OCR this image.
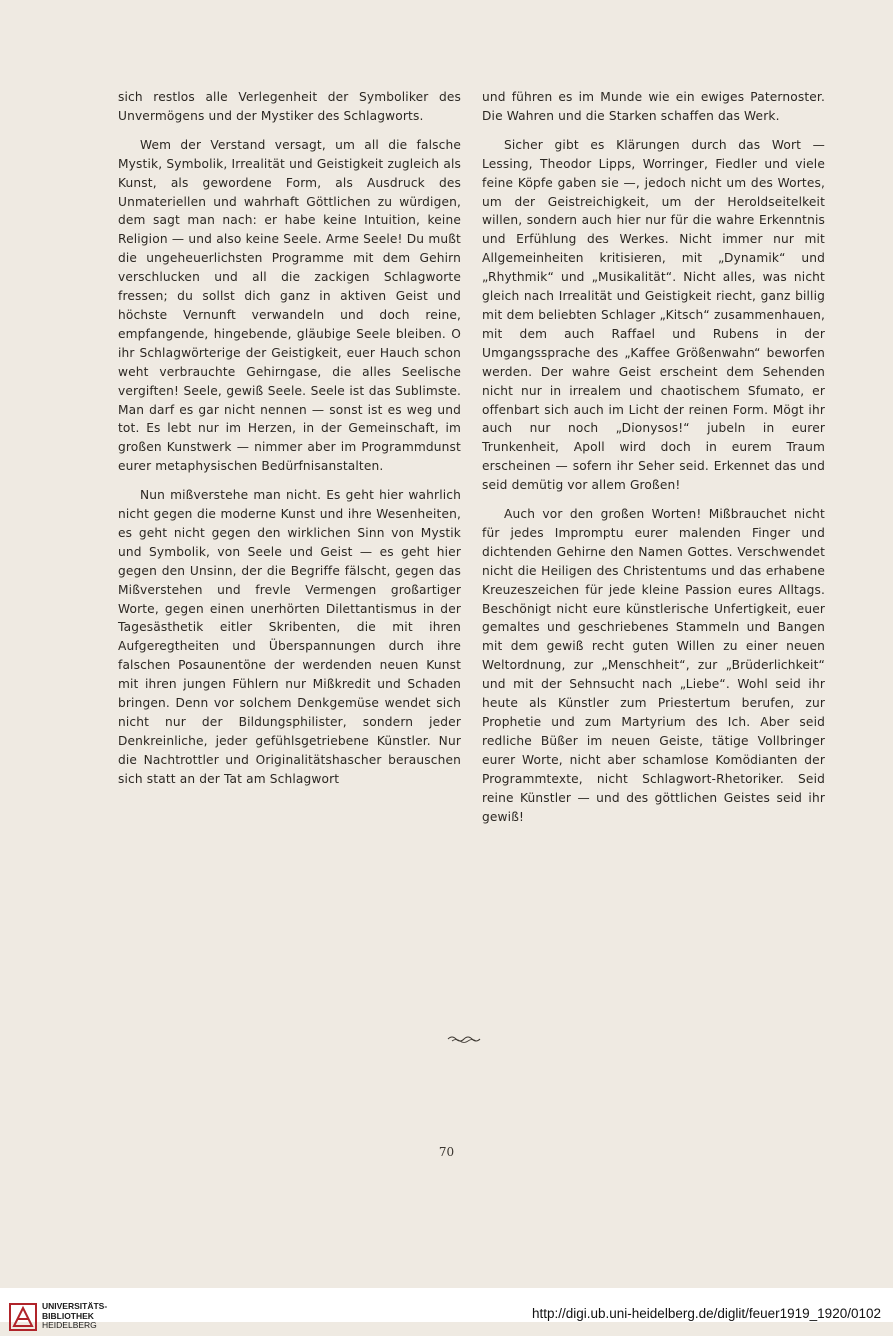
sich restlos alle Verlegenheit der Symboliker des Unvermögens und der Mystiker des Schlagworts.

Wem der Verstand versagt, um all die falsche Mystik, Symbolik, Irrealität und Geistigkeit zugleich als Kunst, als gewordene Form, als Ausdruck des Unmateriellen und wahrhaft Göttlichen zu würdigen, dem sagt man nach: er habe keine Intuition, keine Religion — und also keine Seele. Arme Seele! Du mußt die ungeheuerlichsten Programme mit dem Gehirn verschlucken und all die zackigen Schlagworte fressen; du sollst dich ganz in aktiven Geist und höchste Vernunft verwandeln und doch reine, empfangende, hingebende, gläubige Seele bleiben. O ihr Schlagwörterige der Geistigkeit, euer Hauch schon weht verbrauchte Gehirngase, die alles Seelische vergiften! Seele, gewiß Seele. Seele ist das Sublimste. Man darf es gar nicht nennen — sonst ist es weg und tot. Es lebt nur im Herzen, in der Gemeinschaft, im großen Kunstwerk — nimmer aber im Programmdunst eurer metaphysischen Bedürfnisanstalten.

Nun mißverstehe man nicht. Es geht hier wahrlich nicht gegen die moderne Kunst und ihre Wesenheiten, es geht nicht gegen den wirklichen Sinn von Mystik und Symbolik, von Seele und Geist — es geht hier gegen den Unsinn, der die Begriffe fälscht, gegen das Mißverstehen und frevle Vermengen großartiger Worte, gegen einen unerhörten Dilettantismus in der Tagesästhetik eitler Skribenten, die mit ihren Aufgeregtheiten und Überspannungen durch ihre falschen Posaunentöne der werdenden neuen Kunst mit ihren jungen Fühlern nur Mißkredit und Schaden bringen. Denn vor solchem Denkgemüse wendet sich nicht nur der Bildungsphilister, sondern jeder Denkreinliche, jeder gefühlsgetriebene Künstler. Nur die Nachtrottler und Originalitätshascher berauschen sich statt an der Tat am Schlagwort

und führen es im Munde wie ein ewiges Paternoster. Die Wahren und die Starken schaffen das Werk.

Sicher gibt es Klärungen durch das Wort — Lessing, Theodor Lipps, Worringer, Fiedler und viele feine Köpfe gaben sie —, jedoch nicht um des Wortes, um der Geistreichigkeit, um der Heroldseitelkeit willen, sondern auch hier nur für die wahre Erkenntnis und Erfühlung des Werkes. Nicht immer nur mit Allgemeinheiten kritisieren, mit „Dynamik“ und „Rhythmik“ und „Musikalität“. Nicht alles, was nicht gleich nach Irrealität und Geistigkeit riecht, ganz billig mit dem beliebten Schlager „Kitsch“ zusammenhauen, mit dem auch Raffael und Rubens in der Umgangssprache des „Kaffee Größenwahn“ beworfen werden. Der wahre Geist erscheint dem Sehenden nicht nur in irrealem und chaotischem Sfumato, er offenbart sich auch im Licht der reinen Form. Mögt ihr auch nur noch „Dionysos!“ jubeln in eurer Trunkenheit, Apoll wird doch in eurem Traum erscheinen — sofern ihr Seher seid. Erkennet das und seid demütig vor allem Großen!

Auch vor den großen Worten! Mißbrauchet nicht für jedes Impromptu eurer malenden Finger und dichtenden Gehirne den Namen Gottes. Verschwendet nicht die Heiligen des Christentums und das erhabene Kreuzeszeichen für jede kleine Passion eures Alltags. Beschönigt nicht eure künstlerische Unfertigkeit, euer gemaltes und geschriebenes Stammeln und Bangen mit dem gewiß recht guten Willen zu einer neuen Weltordnung, zur „Menschheit“, zur „Brüderlichkeit“ und mit der Sehnsucht nach „Liebe“. Wohl seid ihr heute als Künstler zum Priestertum berufen, zur Prophetie und zum Martyrium des Ich. Aber seid redliche Büßer im neuen Geiste, tätige Vollbringer eurer Worte, nicht aber schamlose Komödianten der Programmtexte, nicht Schlagwort-Rhetoriker. Seid reine Künstler — und des göttlichen Geistes seid ihr gewiß!

70
UNIVERSITÄTS-
BIBLIOTHEK
HEIDELBERG
http://digi.ub.uni-heidelberg.de/diglit/feuer1919_1920/0102
